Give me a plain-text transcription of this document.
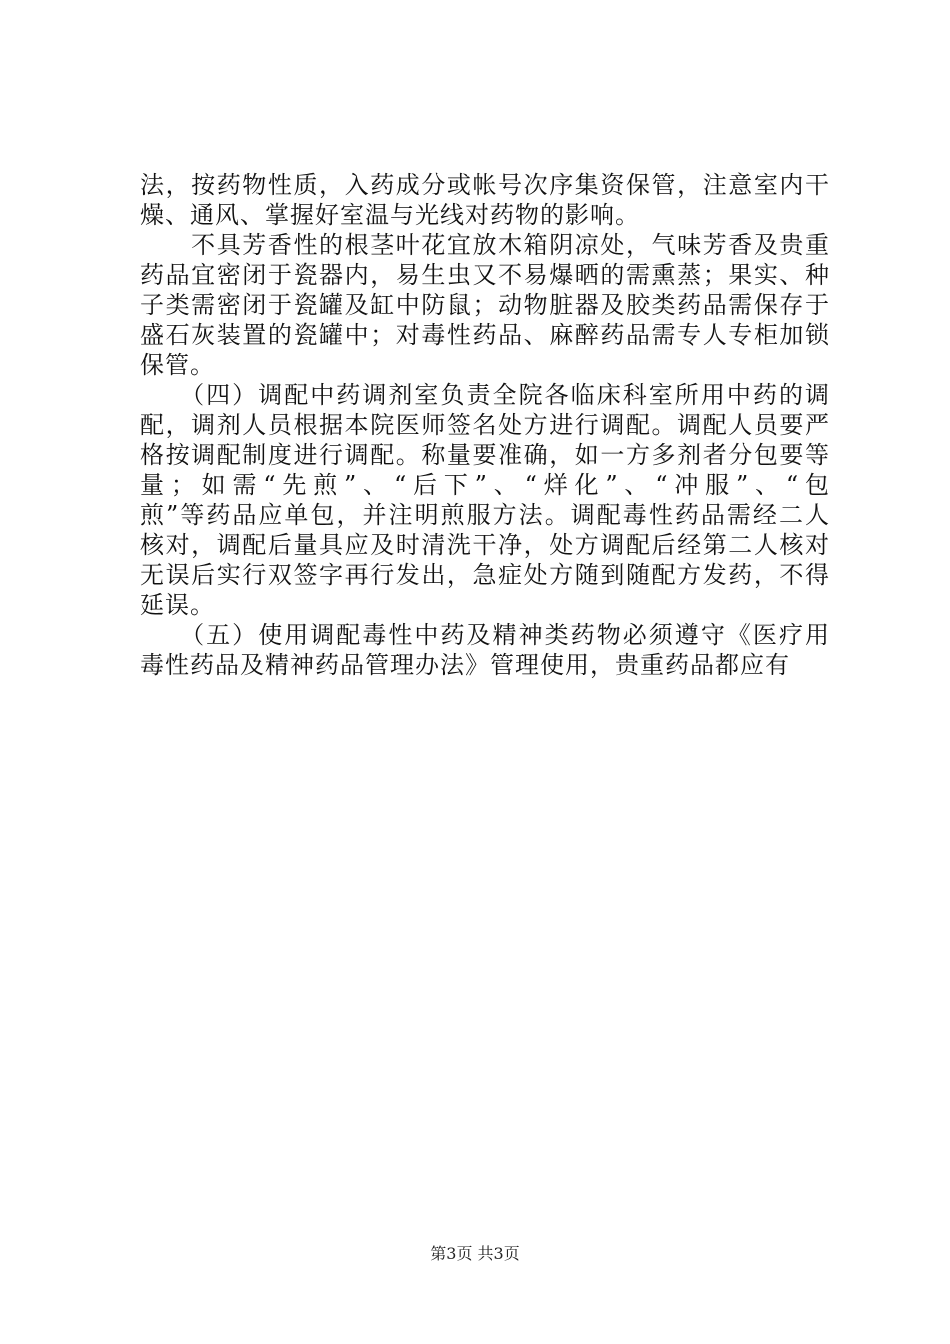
法，按药物性质，入药成分或帐号次序集资保管，注意室内干
燥、通风、掌握好室温与光线对药物的影响。
　　不具芳香性的根茎叶花宜放木箱阴凉处，气味芳香及贵重
药品宜密闭于瓷器内，易生虫又不易爆晒的需熏蒸；果实、种
子类需密闭于瓷罐及缸中防鼠；动物脏器及胶类药品需保存于
盛石灰装置的瓷罐中；对毒性药品、麻醉药品需专人专柜加锁
保管。
　　（四）调配中药调剂室负责全院各临床科室所用中药的调
配，调剂人员根据本院医师签名处方进行调配。调配人员要严
格按调配制度进行调配。称量要准确，如一方多剂者分包要等
量；如需“先煎”、“后下”、“烊化”、“冲服”、“包
煎”等药品应单包，并注明煎服方法。调配毒性药品需经二人
核对，调配后量具应及时清洗干净，处方调配后经第二人核对
无误后实行双签字再行发出，急症处方随到随配方发药，不得
延误。
　　（五）使用调配毒性中药及精神类药物必须遵守《医疗用
毒性药品及精神药品管理办法》管理使用，贵重药品都应有
第3页 共3页
